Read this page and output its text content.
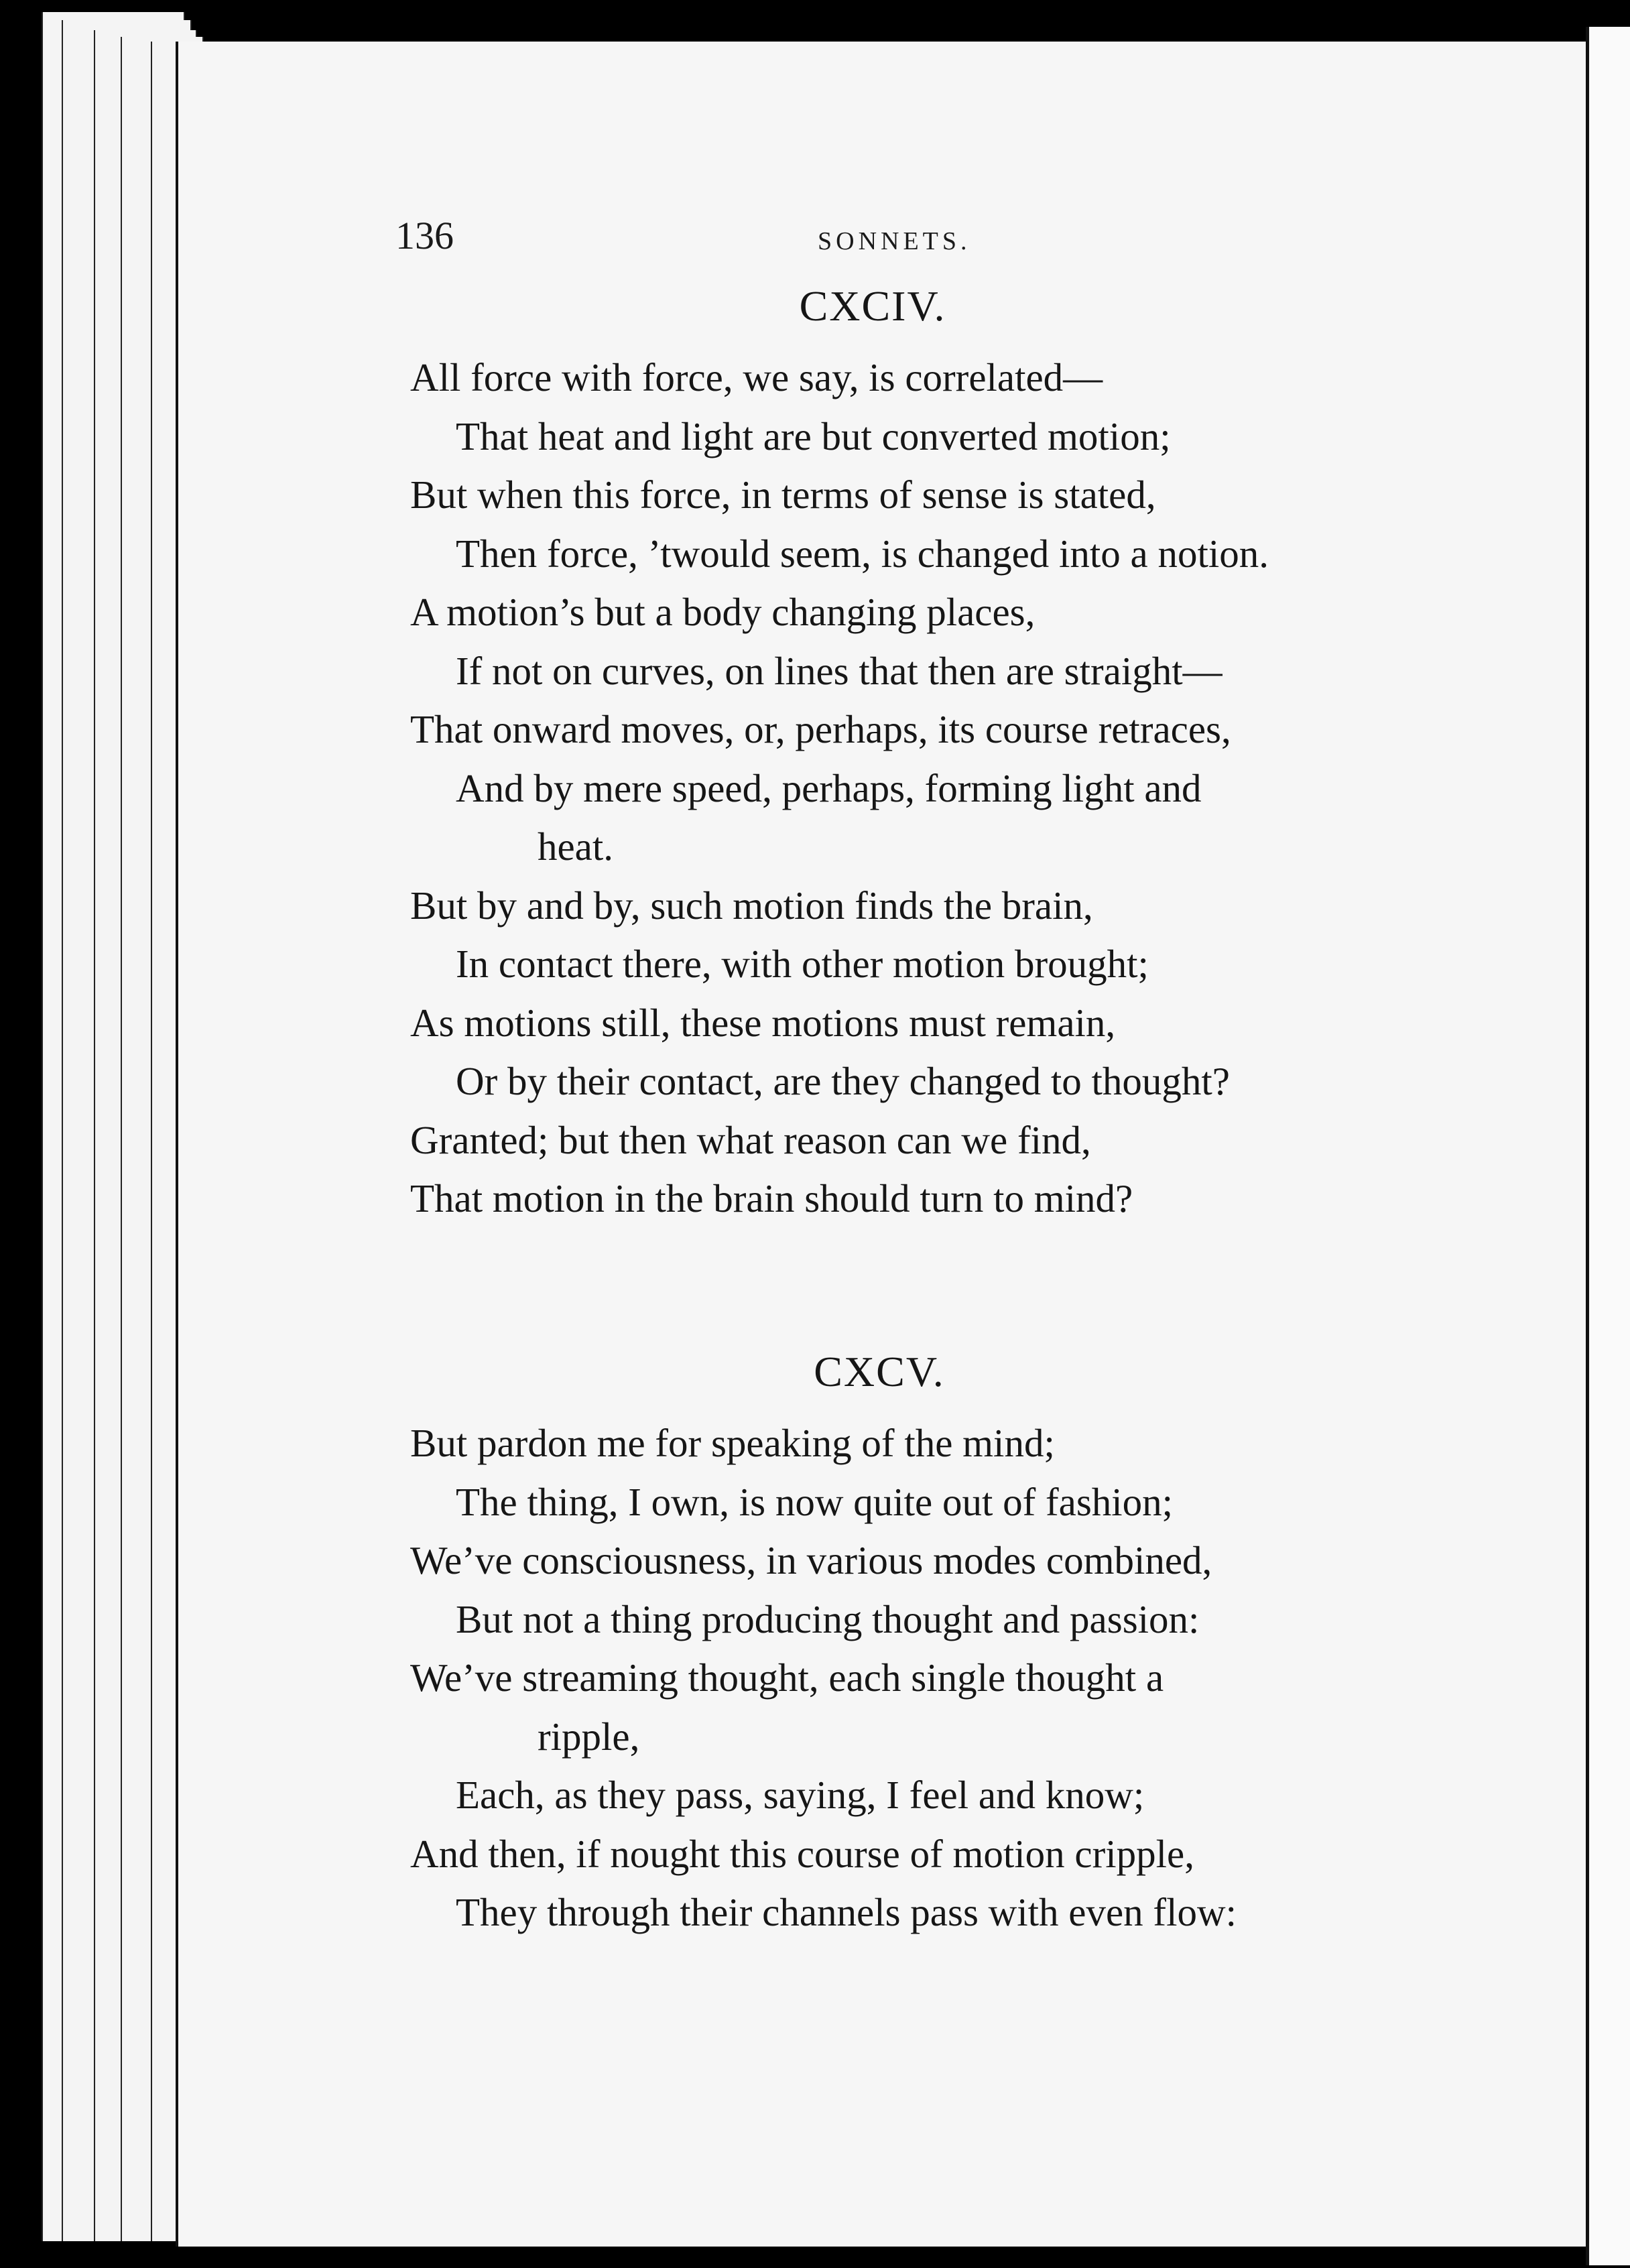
136	SONNETS.
CXCIV.
All force with force, we say, is correlated—
That heat and light are but converted motion;
But when this force, in terms of sense is stated,
Then force, ’twould seem, is changed into a notion.
A motion’s but a body changing places,
If not on curves, on lines that then are straight—
That onward moves, or, perhaps, its course retraces,
And by mere speed, perhaps, forming light and
heat.
But by and by, such motion finds the brain,
In contact there, with other motion brought;
As motions still, these motions must remain,
Or by their contact, are they changed to thought?
Granted; but then what reason can we find,
That motion in the brain should turn to mind?
CXCV.
But pardon me for speaking of the mind;
The thing, I own, is now quite out of fashion;
We’ve consciousness, in various modes combined,
But not a thing producing thought and passion:
We’ve streaming thought, each single thought a
ripple,
Each, as they pass, saying, I feel and know;
And then, if nought this course of motion cripple,
They through their channels pass with even flow:
